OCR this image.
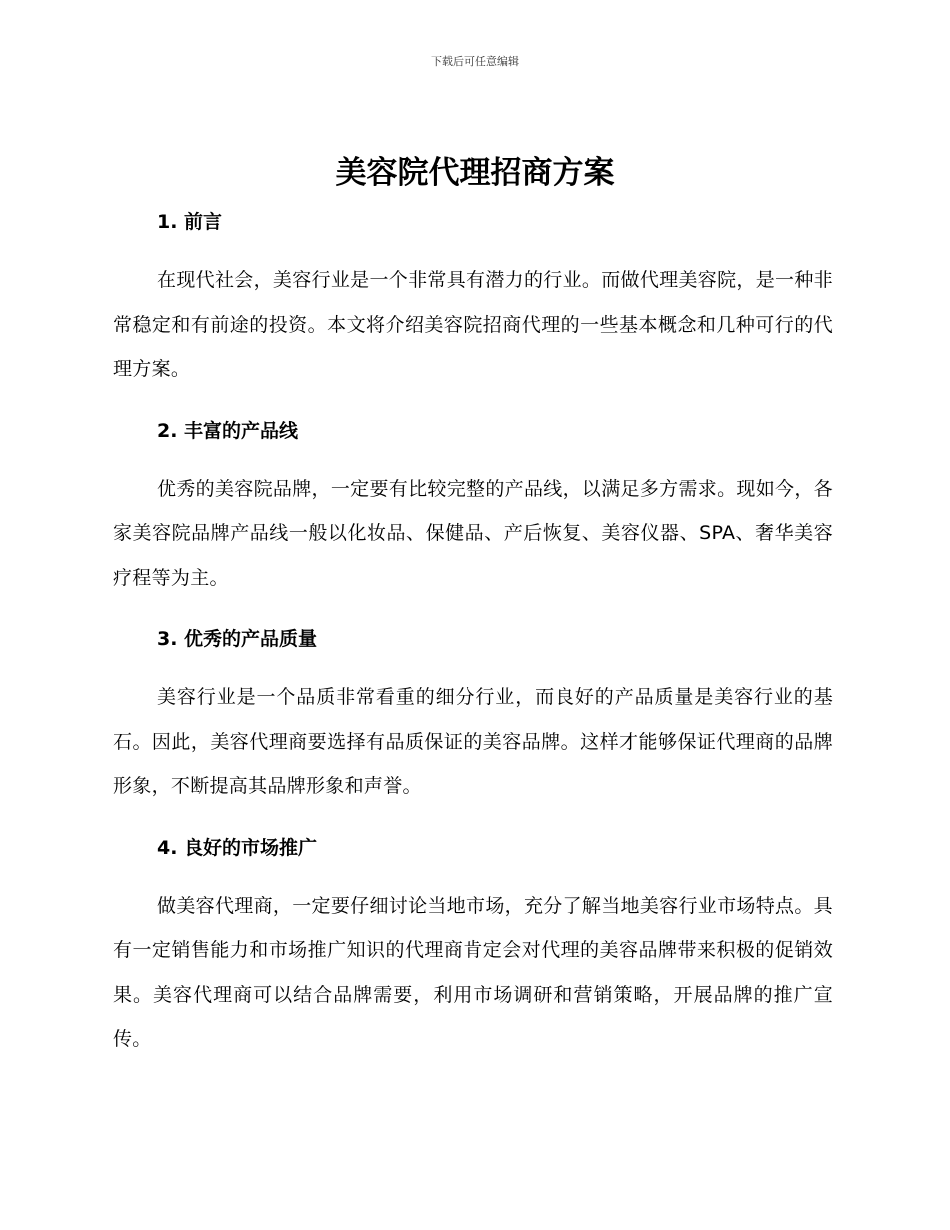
下载后可任意编辑
美容院代理招商方案
1. 前言

在现代社会，美容行业是一个非常具有潜力的行业。而做代理美容院，是一种非常稳定和有前途的投资。本文将介绍美容院招商代理的一些基本概念和几种可行的代理方案。

2. 丰富的产品线

优秀的美容院品牌，一定要有比较完整的产品线，以满足多方需求。现如今，各家美容院品牌产品线一般以化妆品、保健品、产后恢复、美容仪器、SPA、奢华美容疗程等为主。

3. 优秀的产品质量

美容行业是一个品质非常看重的细分行业，而良好的产品质量是美容行业的基石。因此，美容代理商要选择有品质保证的美容品牌。这样才能够保证代理商的品牌形象，不断提高其品牌形象和声誉。

4. 良好的市场推广

做美容代理商，一定要仔细讨论当地市场，充分了解当地美容行业市场特点。具有一定销售能力和市场推广知识的代理商肯定会对代理的美容品牌带来积极的促销效果。美容代理商可以结合品牌需要，利用市场调研和营销策略，开展品牌的推广宣传。
